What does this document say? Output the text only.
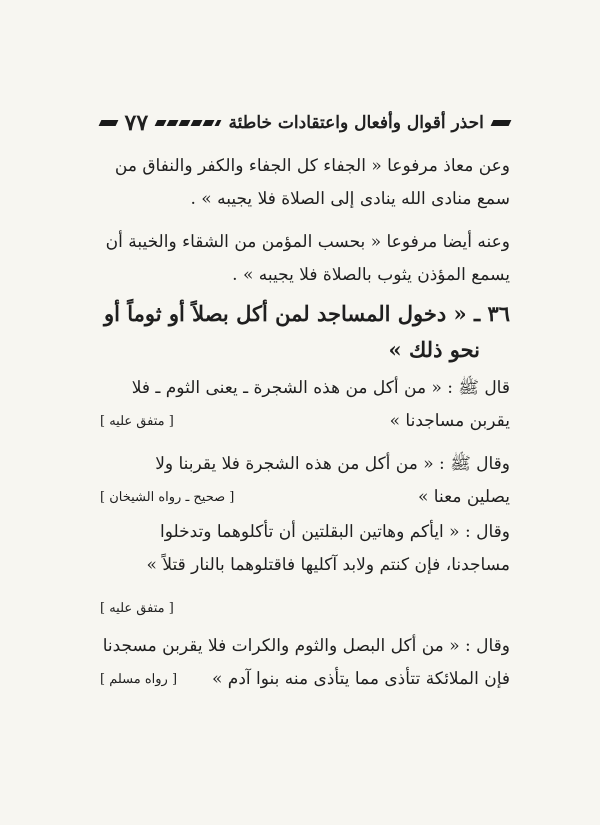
احذر أقوال وأفعال واعتقادات خاطئة
٧٧
وعن معاذ مرفوعا « الجفاء كل الجفاء والكفر والنفاق من
سمع منادى الله ينادى إلى الصلاة فلا يجيبه » .
وعنه أيضا مرفوعا « بحسب المؤمن من الشقاء والخيبة أن
يسمع المؤذن يثوب بالصلاة فلا يجيبه » .
٣٦ ـ « دخول المساجد لمن أكل بصلاً أو ثوماً أو
نحو ذلك »
قال ﷺ : « من أكل من هذه الشجرة ـ يعنى الثوم ـ فلا
يقربن مساجدنا »
[ متفق عليه ]
وقال ﷺ : « من أكل من هذه الشجرة فلا يقربنا ولا
يصلين معنا »
[ صحيح ـ رواه الشيخان ]
وقال : « ايأكم وهاتين البقلتين أن تأكلوهما وتدخلوا
مساجدنا، فإن كنتم ولابد آكليها فاقتلوهما بالنار قتلاً »
[ متفق عليه ]
وقال : « من أكل البصل والثوم والكرات فلا يقربن مسجدنا
فإن الملائكة تتأذى مما يتأذى منه بنوا آدم »
[ رواه مسلم ]
